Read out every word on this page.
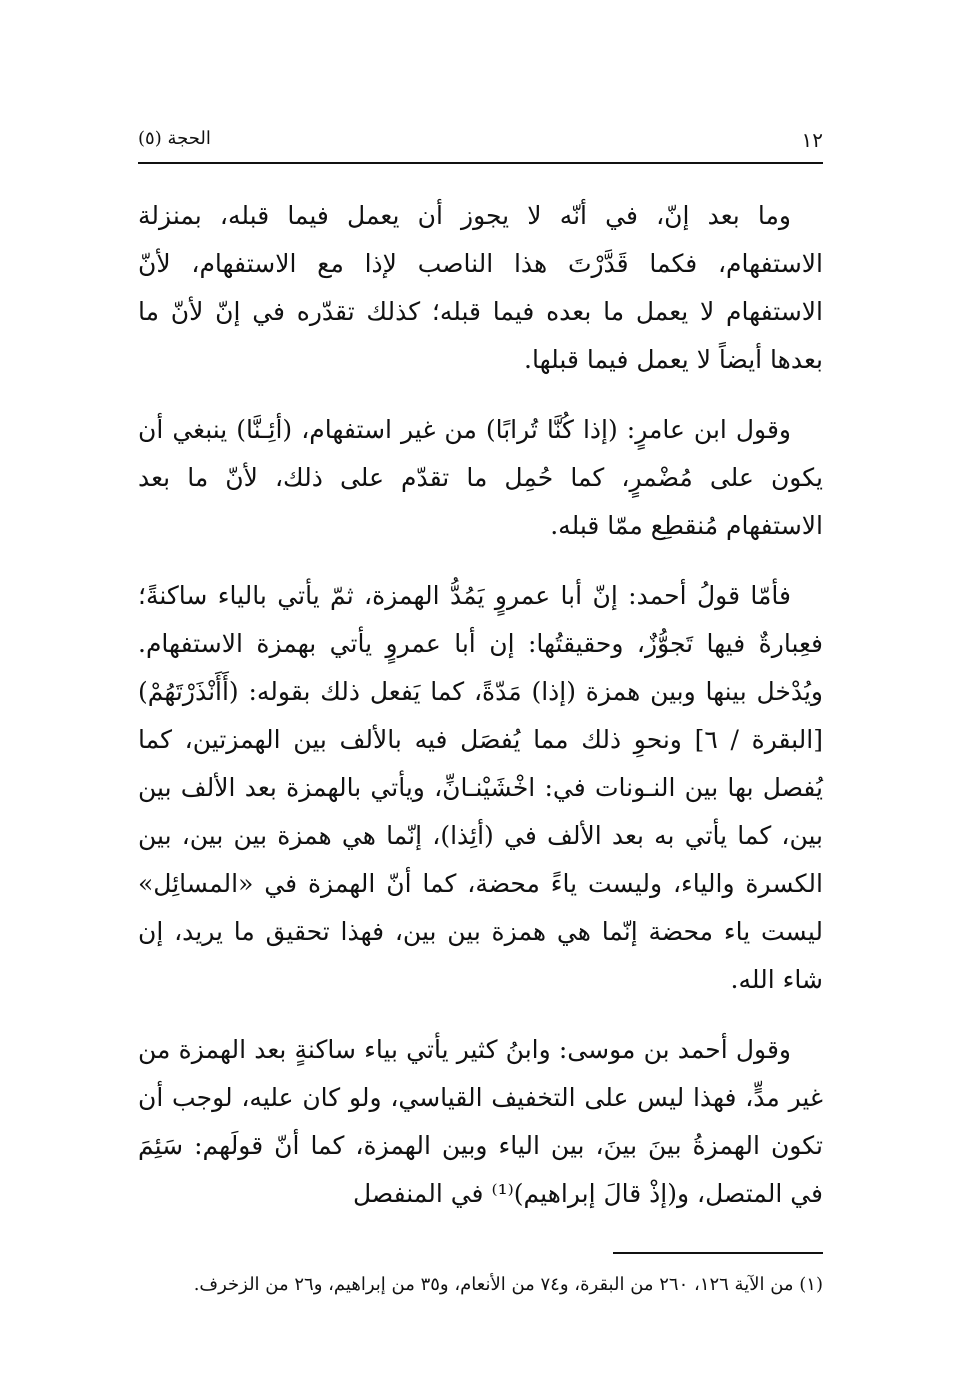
١٢
الحجة (٥)

وما بعد إنّ، في أنّه لا يجوز أن يعمل فيما قبله، بمنزلة الاستفهام، فكما قَدَّرْتَ هذا الناصب لإذا مع الاستفهام، لأنّ الاستفهام لا يعمل ما بعده فيما قبله؛ كذلك تقدّره في إنّ لأنّ ما بعدها أيضاً لا يعمل فيما قبلها.

وقول ابن عامرٍ: (إذا كُنَّا تُرابًا) من غير استفهام، (أئِـنَّا) ينبغي أن يكون على مُضْمرٍ، كما حُمِل ما تقدّم على ذلك، لأنّ ما بعد الاستفهام مُنقطِع ممّا قبله.

فأمّا قولُ أحمد: إنّ أبا عمروٍ يَمُدُّ الهمزة، ثمّ يأتي بالياء ساكنةً؛ فعِبارةٌ فيها تَجوُّزٌ، وحقيقتُها: إن أبا عمروٍ يأتي بهمزة الاستفهام. ويُدْخل بينها وبين همزة (إذا) مَدّةً، كما يَفعل ذلك بقوله: (أَأَنْذَرْتَهُمْ) [البقرة / ٦] ونحوِ ذلك مما يُفصَل فيه بالألف بين الهمزتين، كما يُفصل بها بين النـونات في: اخْشَيْنـانِّ، ويأتي بالهمزة بعد الألف بين بين، كما يأتي به بعد الألف في (أئِذا)، إنّما هي همزة بين بين، بين الكسرة والياء، وليست ياءً محضة، كما أنّ الهمزة في «المسائِل» ليست ياء محضة إنّما هي همزة بين بين، فهذا تحقيق ما يريد، إن شاء الله.

وقول أحمد بن موسى: وابنُ كثير يأتي بياء ساكنةٍ بعد الهمزة من غير مدٍّ، فهذا ليس على التخفيف القياسي، ولو كان عليه، لوجب أن تكون الهمزةُ بينَ بينَ، بين الياء وبين الهمزة، كما أنّ قولَهم: سَئِمَ في المتصل، و(إذْ قالَ إبراهيم)⁽¹⁾ في المنفصل

(١) من الآية ١٢٦، ٢٦٠ من البقرة، و٧٤ من الأنعام، و٣٥ من إبراهيم، و٢٦ من الزخرف.
